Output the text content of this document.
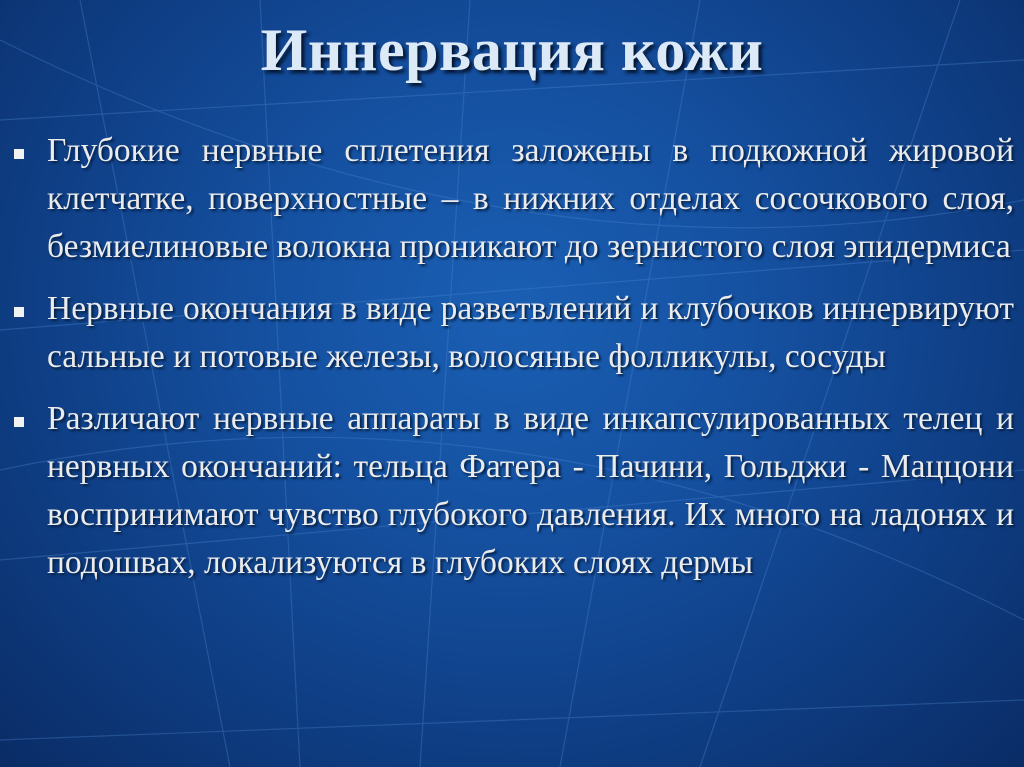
Иннервация кожи
Глубокие нервные сплетения заложены в подкожной жировой клетчатке, поверхностные – в нижних отделах сосочкового слоя, безмиелиновые волокна проникают до зернистого слоя эпидермиса
Нервные окончания в виде разветвлений и клубочков иннервируют сальные и потовые железы, волосяные фолликулы, сосуды
Различают нервные аппараты в виде инкапсулированных телец и нервных окончаний: тельца Фатера - Пачини, Гольджи - Маццони воспринимают чувство глубокого давления. Их много на ладонях и подошвах, локализуются в глубоких слоях дермы
